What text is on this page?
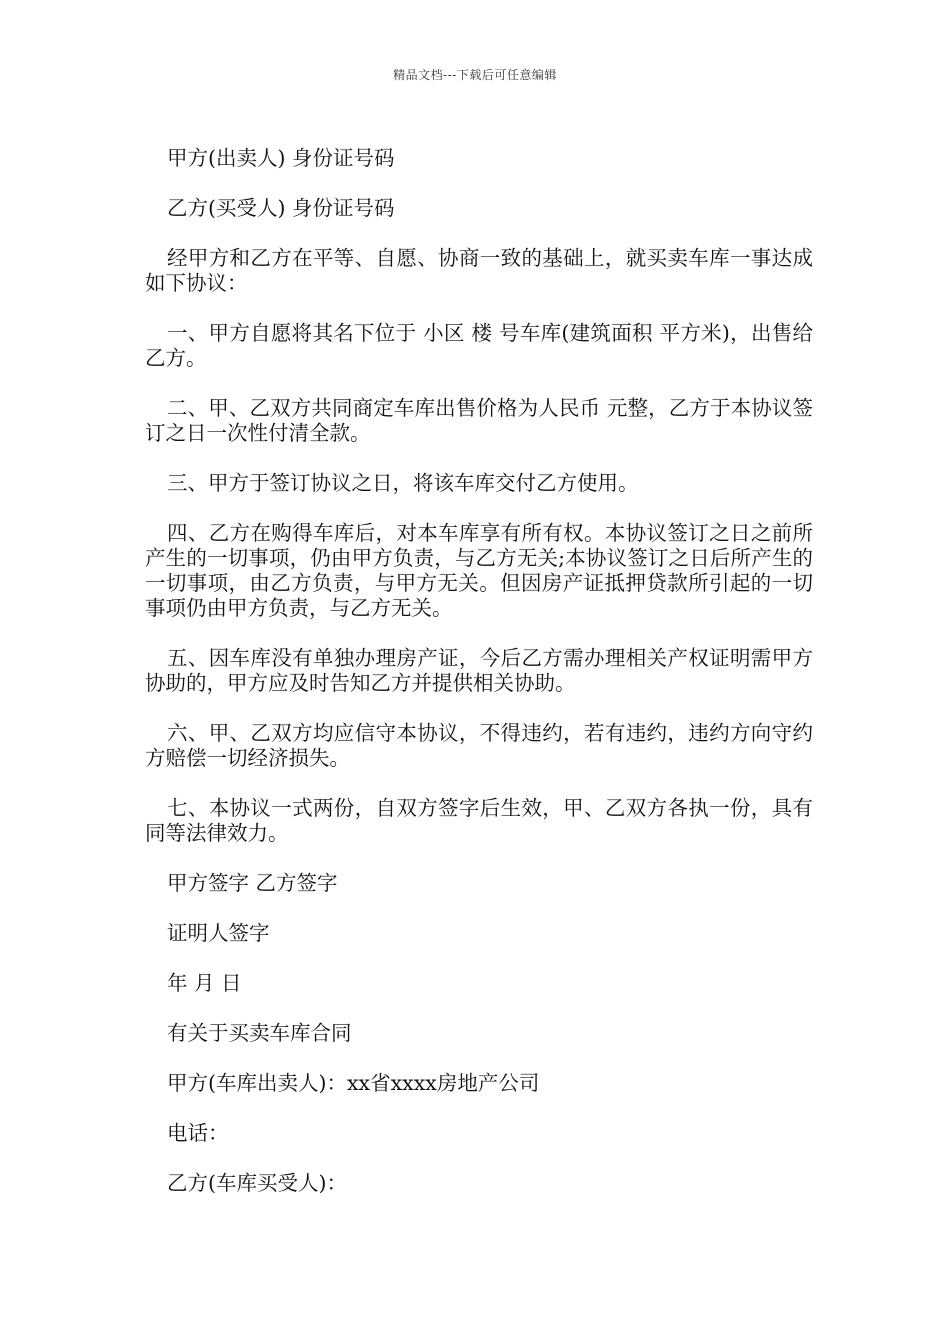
精品文档---下载后可任意编辑

甲方(出卖人) 身份证号码

乙方(买受人) 身份证号码

经甲方和乙方在平等、自愿、协商一致的基础上，就买卖车库一事达成如下协议：

一、甲方自愿将其名下位于 小区 楼 号车库(建筑面积 平方米)，出售给乙方。

二、甲、乙双方共同商定车库出售价格为人民币 元整，乙方于本协议签订之日一次性付清全款。

三、甲方于签订协议之日，将该车库交付乙方使用。

四、乙方在购得车库后，对本车库享有所有权。本协议签订之日之前所产生的一切事项，仍由甲方负责，与乙方无关;本协议签订之日后所产生的一切事项，由乙方负责，与甲方无关。但因房产证抵押贷款所引起的一切事项仍由甲方负责，与乙方无关。

五、因车库没有单独办理房产证，今后乙方需办理相关产权证明需甲方协助的，甲方应及时告知乙方并提供相关协助。

六、甲、乙双方均应信守本协议，不得违约，若有违约，违约方向守约方赔偿一切经济损失。

七、本协议一式两份，自双方签字后生效，甲、乙双方各执一份，具有同等法律效力。

甲方签字 乙方签字

证明人签字

年 月 日

有关于买卖车库合同

甲方(车库出卖人)：xx省xxxx房地产公司

电话：

乙方(车库买受人)：
